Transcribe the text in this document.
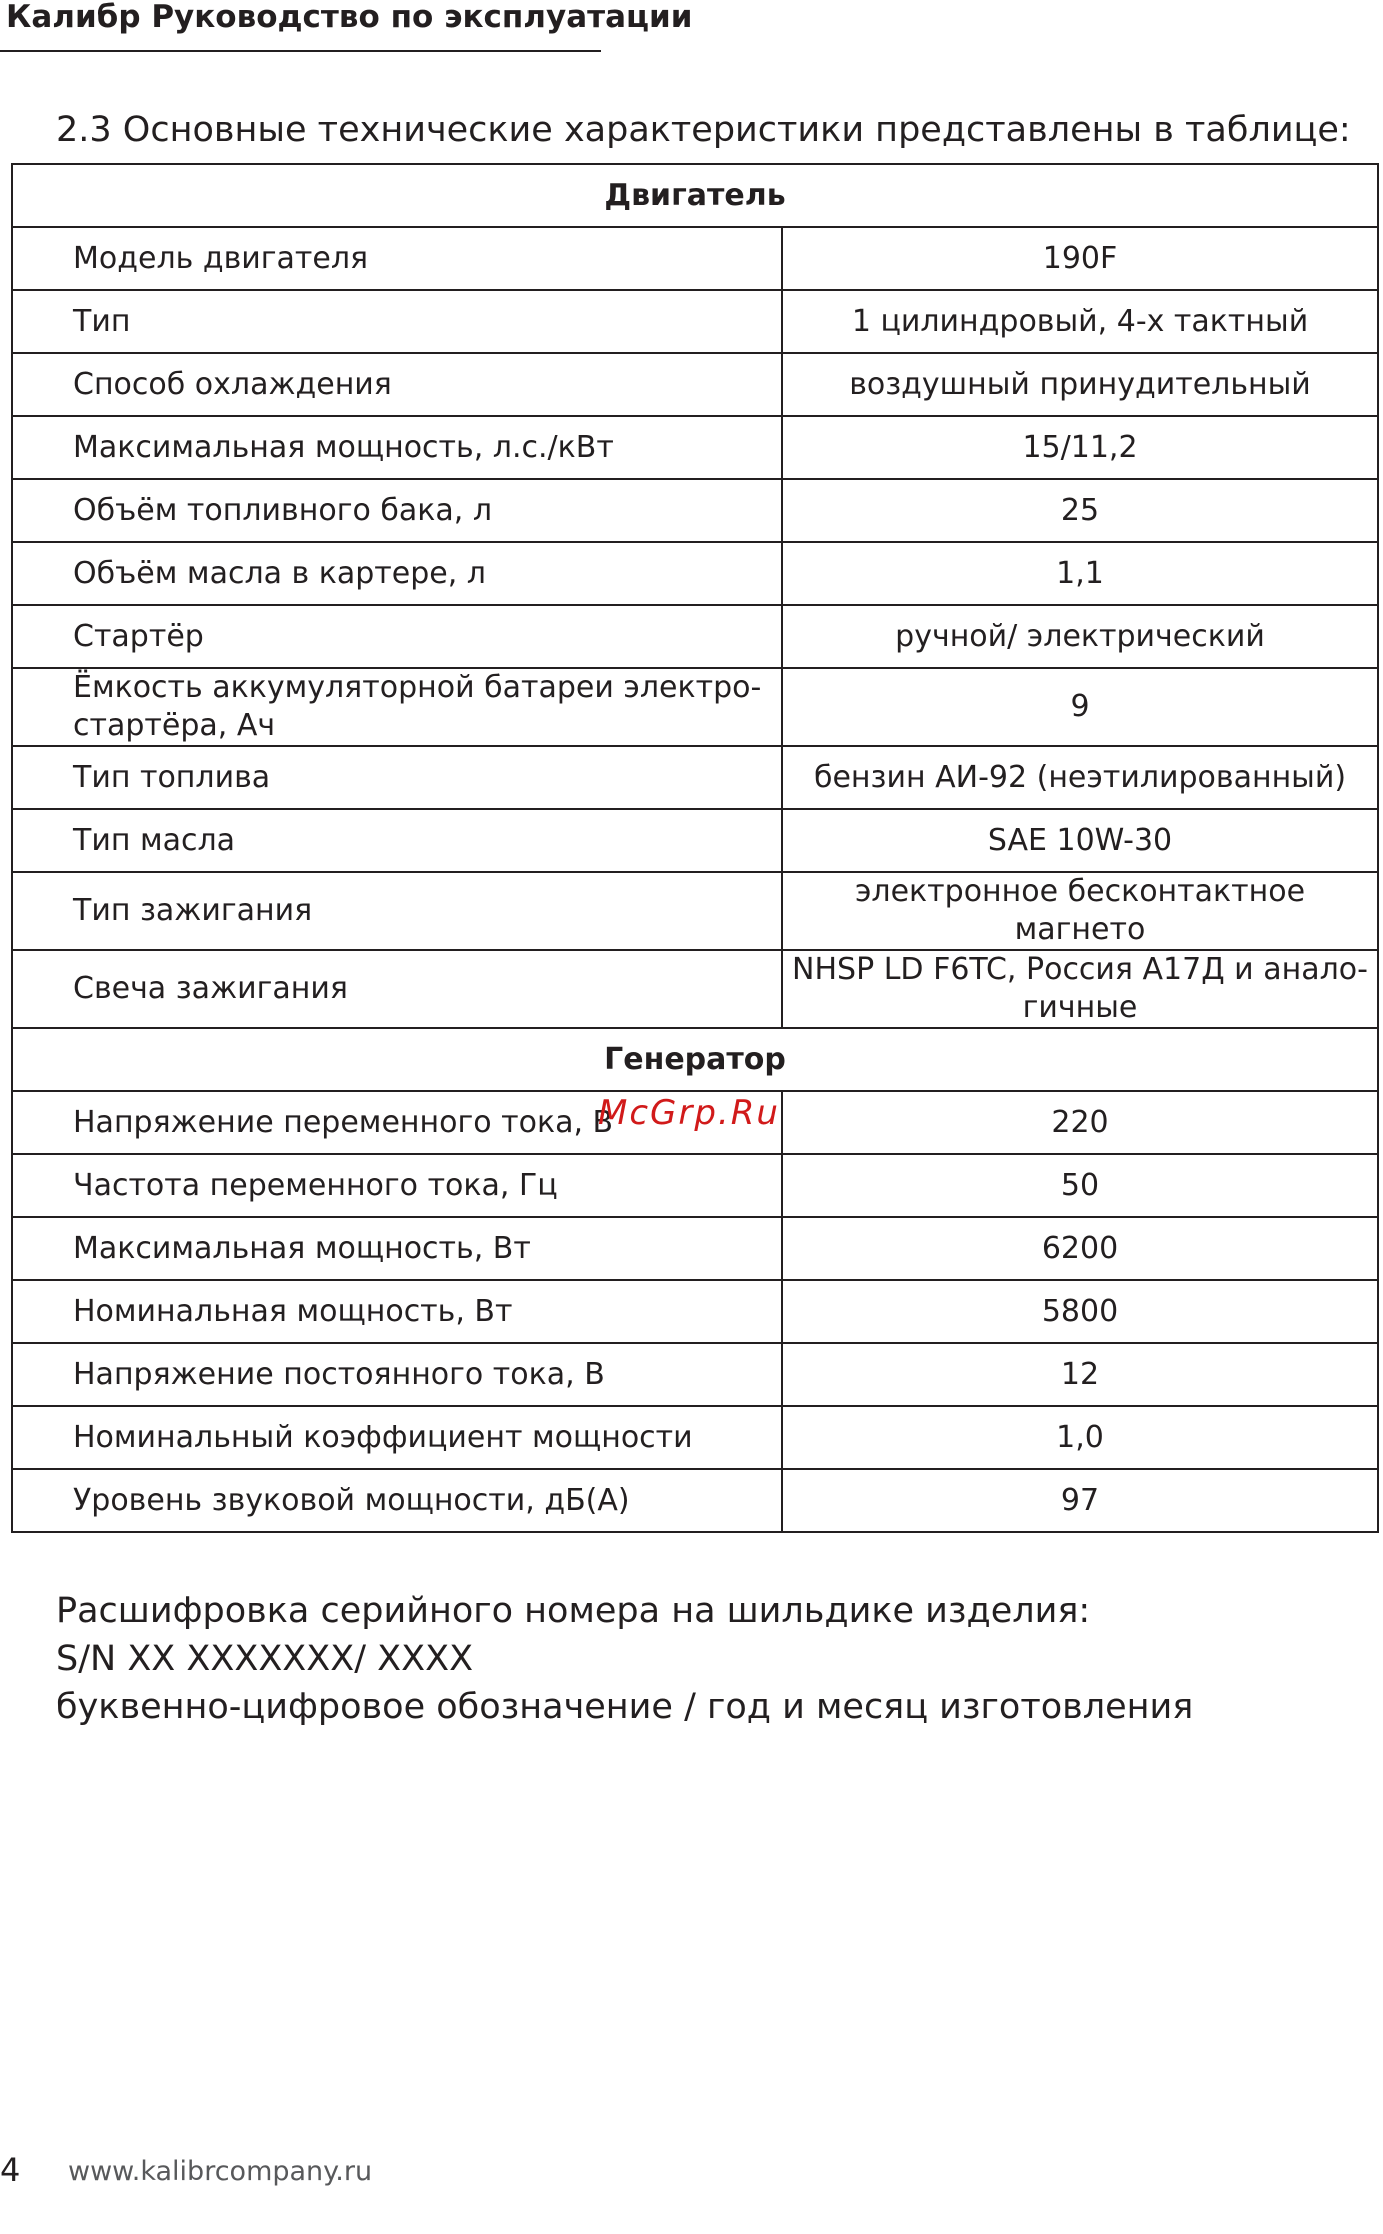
Калибр Руководство по эксплуатации
2.3 Основные технические характеристики представлены в таблице:
Двигатель	
Модель двигателя	190F
Тип	1 цилиндровый, 4-х тактный
Способ охлаждения	воздушный принудительный
Максимальная мощность, л.с./кВт	15/11,2
Объём топливного бака, л	25
Объём масла в картере, л	1,1
Стартёр	ручной/ электрический
Ёмкость аккумуляторной батареи электро-стартёра, Ач	9
Тип топлива	бензин АИ-92 (неэтилированный)
Тип масла	SAE 10W-30
Тип зажигания	электронное бесконтактное магнето
Свеча зажигания	NHSP LD F6TC, Россия А17Д и анало-гичные
Генератор	
Напряжение переменного тока, В	220
Частота переменного тока, Гц	50
Максимальная мощность, Вт	6200
Номинальная мощность, Вт	5800
Напряжение постоянного тока, В	12
Номинальный коэффициент мощности	1,0
Уровень звуковой мощности, дБ(А)	97
McGrp.Ru
Расшифровка серийного номера на шильдике изделия:
S/N XX XXXXXXX/ XXXX
буквенно-цифровое обозначение / год и месяц изготовления
4 www.kalibrcompany.ru
